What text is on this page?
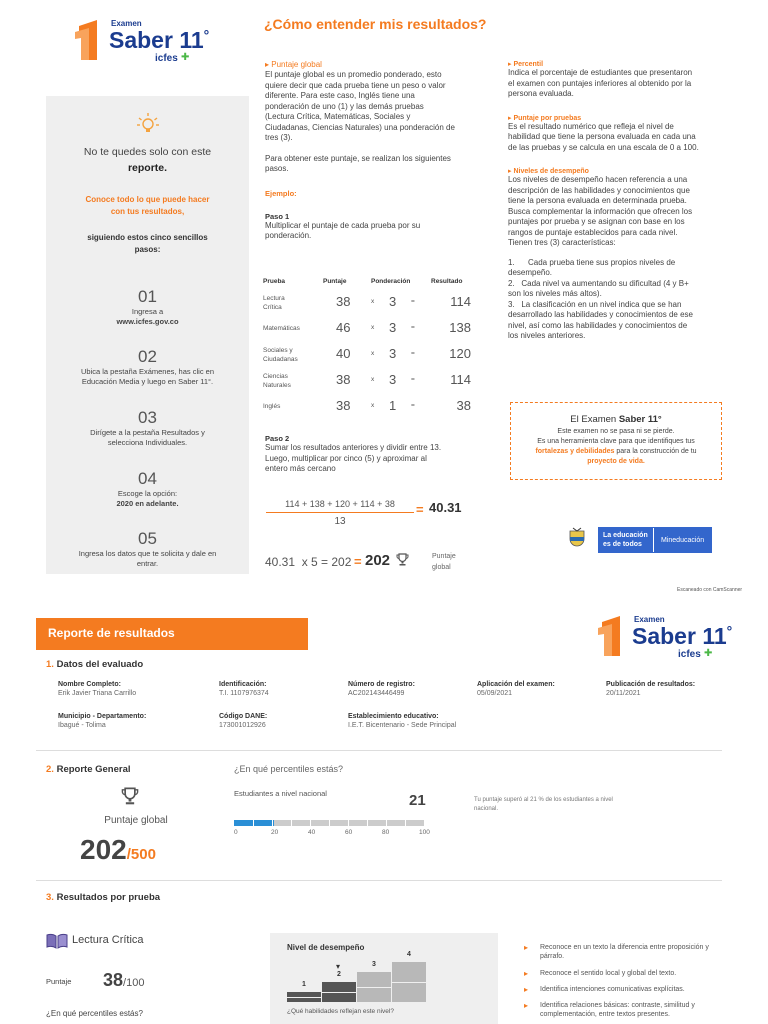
Examen
Saber 11°
icfes ✚
¿Cómo entender mis resultados?
No te quedes solo con este
reporte.
Conoce todo lo que puede hacer
con tus resultados,
siguiendo estos cinco sencillos
pasos:
01
Ingresa a
www.icfes.gov.co
02
Ubica la pestaña Exámenes, has clic en
Educación Media y luego en Saber 11°.
03
Dirígete a la pestaña Resultados y
selecciona Individuales.
04
Escoge la opción:
2020 en adelante.
05
Ingresa los datos que te solicita y dale en
entrar.
▸ Puntaje global
El puntaje global es un promedio ponderado, esto
quiere decir que cada prueba tiene un peso o valor
diferente. Para este caso, Inglés tiene una
ponderación de uno (1) y las demás pruebas
(Lectura Crítica, Matemáticas, Sociales y
Ciudadanas, Ciencias Naturales) una ponderación de
tres (3).
Para obtener este puntaje, se realizan los siguientes
pasos.
Ejemplo:
Paso 1
Multiplicar el puntaje de cada prueba por su
ponderación.
Prueba	Puntaje	Ponderación	Resultado
Lectura
Crítica	38	x 3 =	114
Matemáticas	46	x 3 =	138
Sociales y
Ciudadanas	40	x 3 =	120
Ciencias
Naturales	38	x 3 =	114
Inglés	38	x 1 =	38
Paso 2
Sumar los resultados anteriores y dividir entre 13.
Luego, multiplicar por cinco (5) y aproximar al
entero más cercano
114 + 138 + 120 + 114 + 38
13
= 40.31
40.31  x 5 = 202 = 202	Puntaje
global
▸ Percentil
Indica el porcentaje de estudiantes que presentaron
el examen con puntajes inferiores al obtenido por la
persona evaluada.
▸ Puntaje por pruebas
Es el resultado numérico que refleja el nivel de
habilidad que tiene la persona evaluada en cada una
de las pruebas y se calcula en una escala de 0 a 100.
▸ Niveles de desempeño
Los niveles de desempeño hacen referencia a una
descripción de las habilidades y conocimientos que
tiene la persona evaluada en determinada prueba.
Busca complementar la información que ofrecen los
puntajes por prueba y se asignan con base en los
rangos de puntaje establecidos para cada nivel.
Tienen tres (3) características:
1.      Cada prueba tiene sus propios niveles de
desempeño.
2.   Cada nivel va aumentando su dificultad (4 y B+
son los niveles más altos).
3.   La clasificación en un nivel indica que se han
desarrollado las habilidades y conocimientos de ese
nivel, así como las habilidades y conocimientos de
los niveles anteriores.
El Examen Saber 11°
Este examen no se pasa ni se pierde.
Es una herramienta clave para que identifiques tus
fortalezas y debilidades para la construcción de tu
proyecto de vida.
La educación
es de todos
Mineducación
Escaneado con CamScanner
Reporte de resultados
Examen
Saber 11°
icfes ✚
1. Datos del evaluado
Nombre Completo:
Erik Javier Triana Carrillo
Identificación:
T.I. 1107976374
Número de registro:
AC202143446499
Aplicación del examen:
05/09/2021
Publicación de resultados:
20/11/2021
Municipio - Departamento:
Ibagué - Tolima
Código DANE:
173001012926
Establecimiento educativo:
I.E.T. Bicentenario - Sede Principal
2. Reporte General
Puntaje global
202/500
¿En qué percentiles estás?
Estudiantes a nivel nacional	21
0	20	40	60	80	100
Tu puntaje superó al 21 % de los estudiantes a nivel
nacional.
3. Resultados por prueba
Lectura Crítica
Puntaje 38/100
¿En qué percentiles estás?
Nivel de desempeño
1
2
3
4
▾
¿Qué habilidades reflejan este nivel?
▸ Reconoce en un texto la diferencia entre proposición y
párrafo.
▸ Reconoce el sentido local y global del texto.
▸ Identifica intenciones comunicativas explícitas.
▸ Identifica relaciones básicas: contraste, similitud y
complementación, entre textos presentes.
